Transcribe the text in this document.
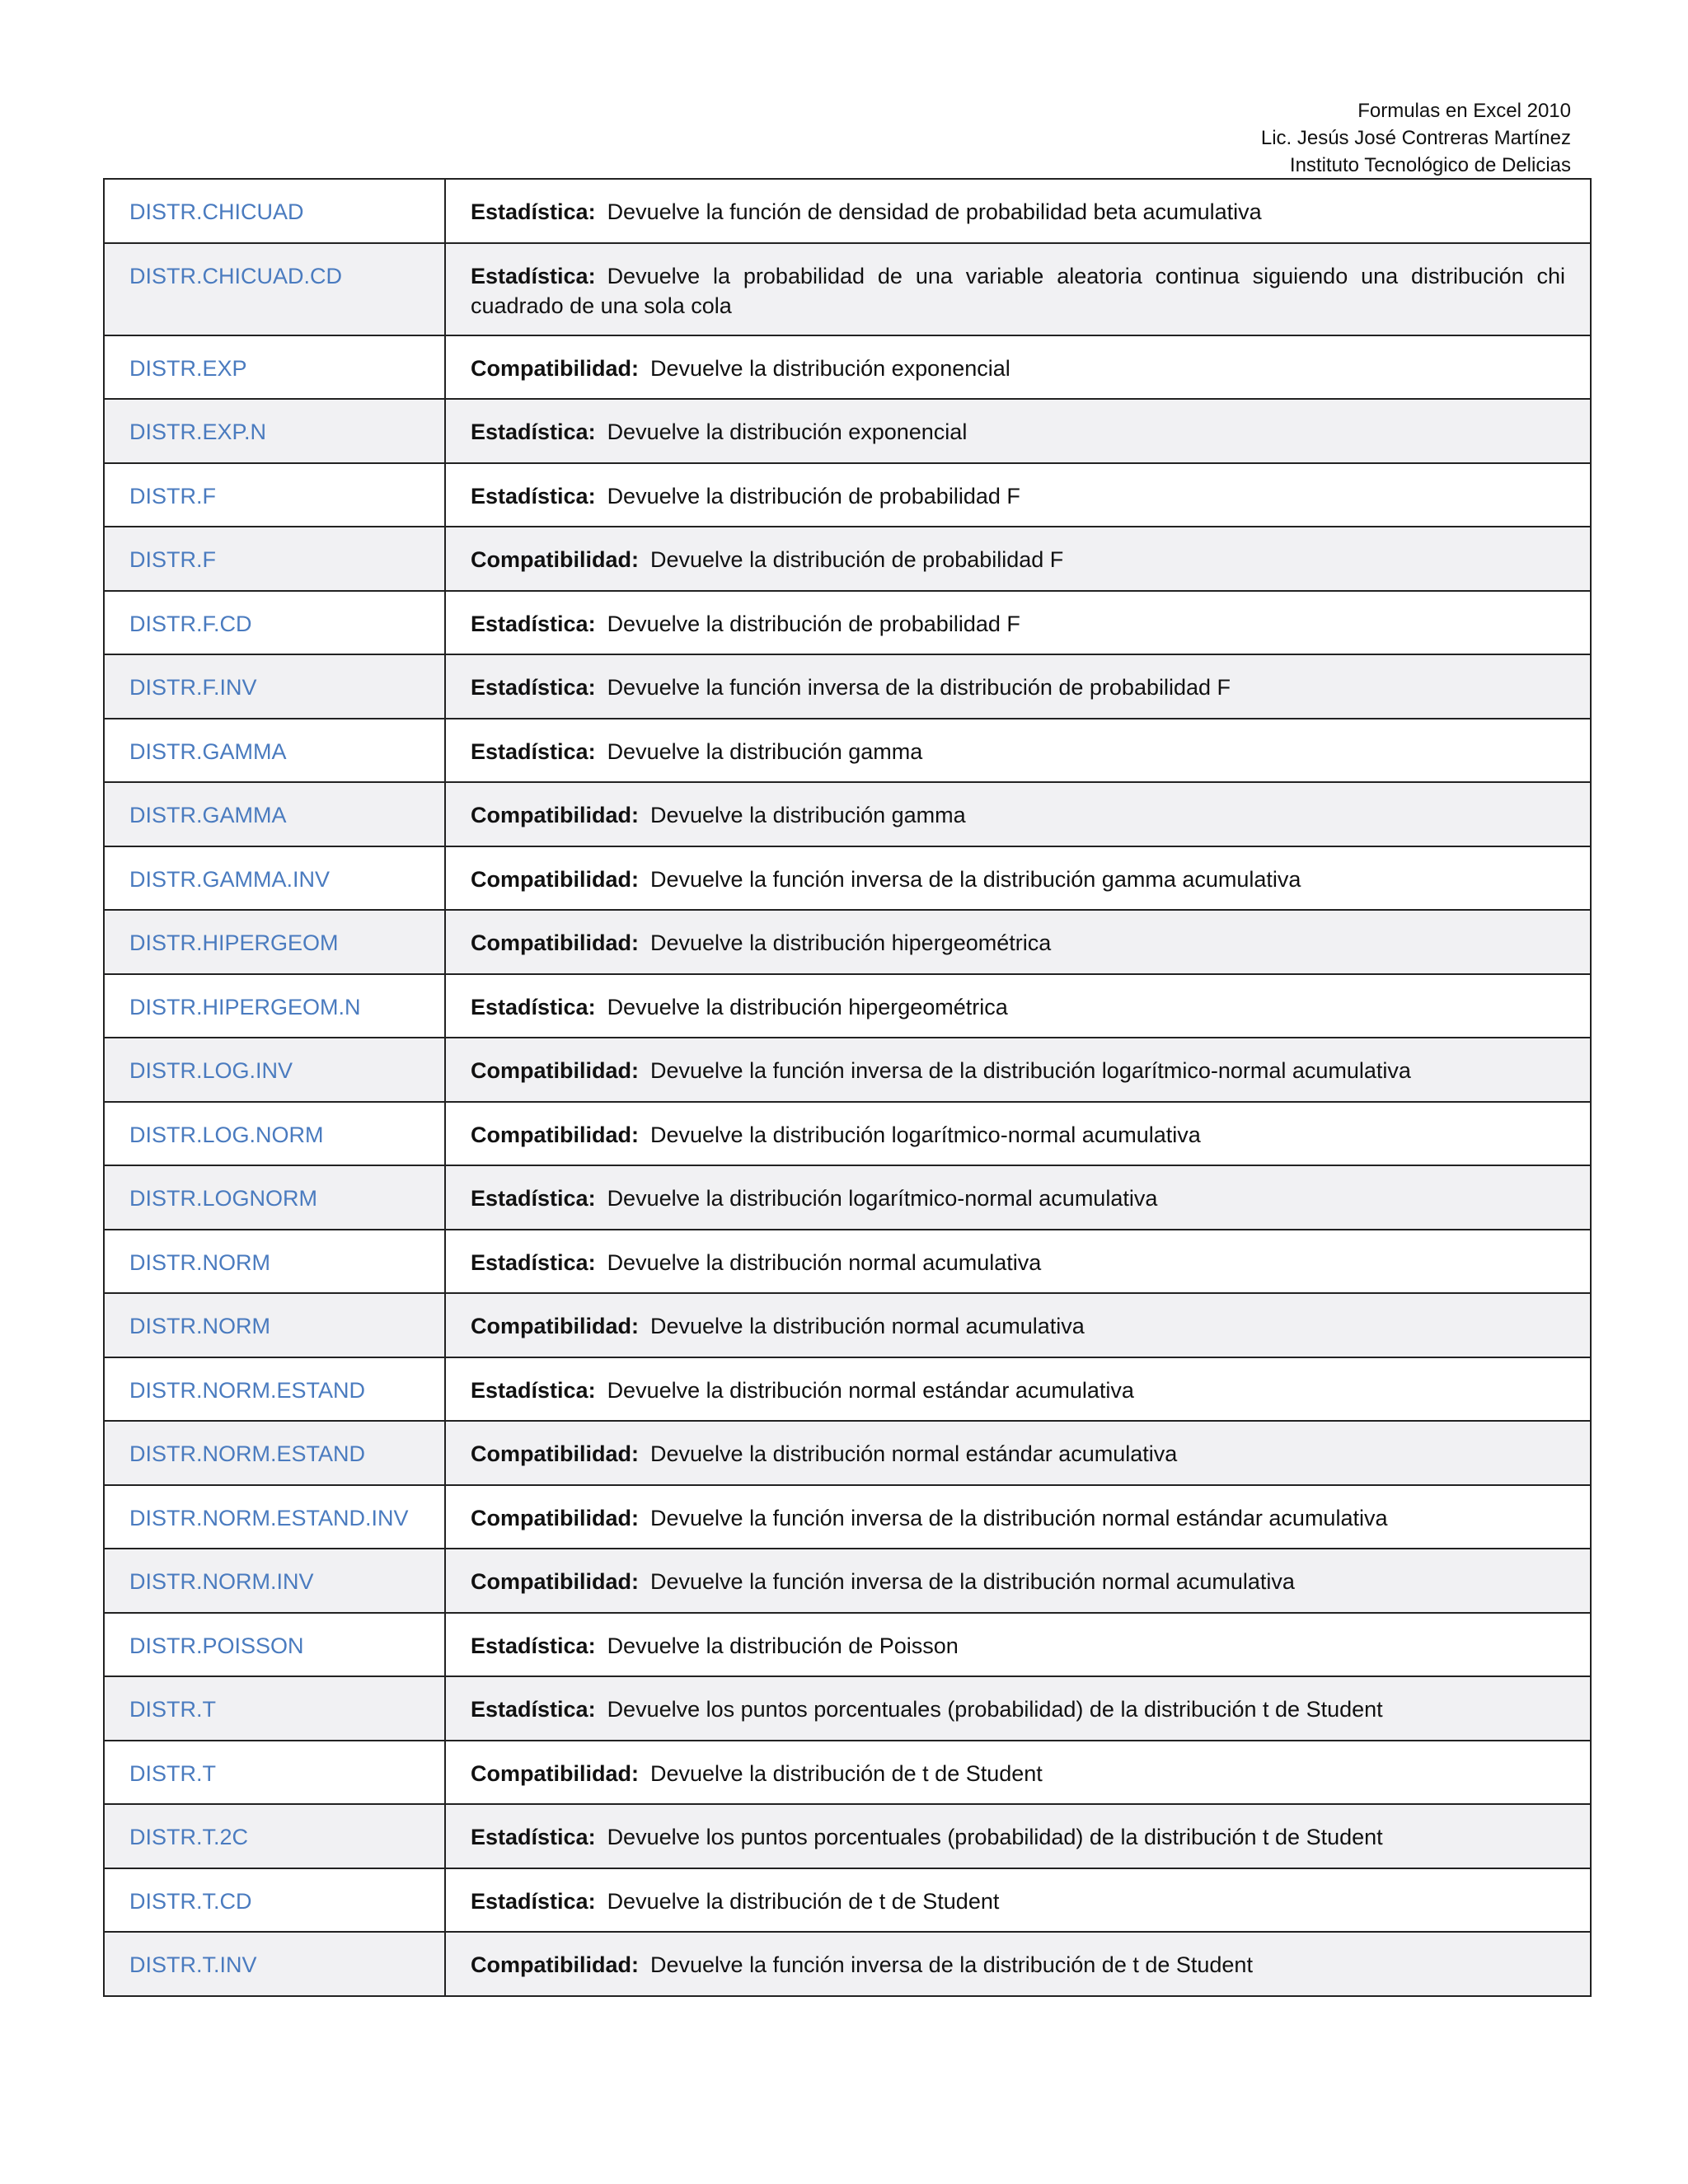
Formulas en Excel 2010
Lic. Jesús José Contreras Martínez
Instituto Tecnológico de Delicias
DISTR.CHICUAD	Estadística: Devuelve la función de densidad de probabilidad beta acumulativa
DISTR.CHICUAD.CD	Estadística: Devuelve la probabilidad de una variable aleatoria continua siguiendo una distribución chi cuadrado de una sola cola
DISTR.EXP	Compatibilidad: Devuelve la distribución exponencial
DISTR.EXP.N	Estadística: Devuelve la distribución exponencial
DISTR.F	Estadística: Devuelve la distribución de probabilidad F
DISTR.F	Compatibilidad: Devuelve la distribución de probabilidad F
DISTR.F.CD	Estadística: Devuelve la distribución de probabilidad F
DISTR.F.INV	Estadística: Devuelve la función inversa de la distribución de probabilidad F
DISTR.GAMMA	Estadística: Devuelve la distribución gamma
DISTR.GAMMA	Compatibilidad: Devuelve la distribución gamma
DISTR.GAMMA.INV	Compatibilidad: Devuelve la función inversa de la distribución gamma acumulativa
DISTR.HIPERGEOM	Compatibilidad: Devuelve la distribución hipergeométrica
DISTR.HIPERGEOM.N	Estadística: Devuelve la distribución hipergeométrica
DISTR.LOG.INV	Compatibilidad: Devuelve la función inversa de la distribución logarítmico-normal acumulativa
DISTR.LOG.NORM	Compatibilidad: Devuelve la distribución logarítmico-normal acumulativa
DISTR.LOGNORM	Estadística: Devuelve la distribución logarítmico-normal acumulativa
DISTR.NORM	Estadística: Devuelve la distribución normal acumulativa
DISTR.NORM	Compatibilidad: Devuelve la distribución normal acumulativa
DISTR.NORM.ESTAND	Estadística: Devuelve la distribución normal estándar acumulativa
DISTR.NORM.ESTAND	Compatibilidad: Devuelve la distribución normal estándar acumulativa
DISTR.NORM.ESTAND.INV	Compatibilidad: Devuelve la función inversa de la distribución normal estándar acumulativa
DISTR.NORM.INV	Compatibilidad: Devuelve la función inversa de la distribución normal acumulativa
DISTR.POISSON	Estadística: Devuelve la distribución de Poisson
DISTR.T	Estadística: Devuelve los puntos porcentuales (probabilidad) de la distribución t de Student
DISTR.T	Compatibilidad: Devuelve la distribución de t de Student
DISTR.T.2C	Estadística: Devuelve los puntos porcentuales (probabilidad) de la distribución t de Student
DISTR.T.CD	Estadística: Devuelve la distribución de t de Student
DISTR.T.INV	Compatibilidad: Devuelve la función inversa de la distribución de t de Student
